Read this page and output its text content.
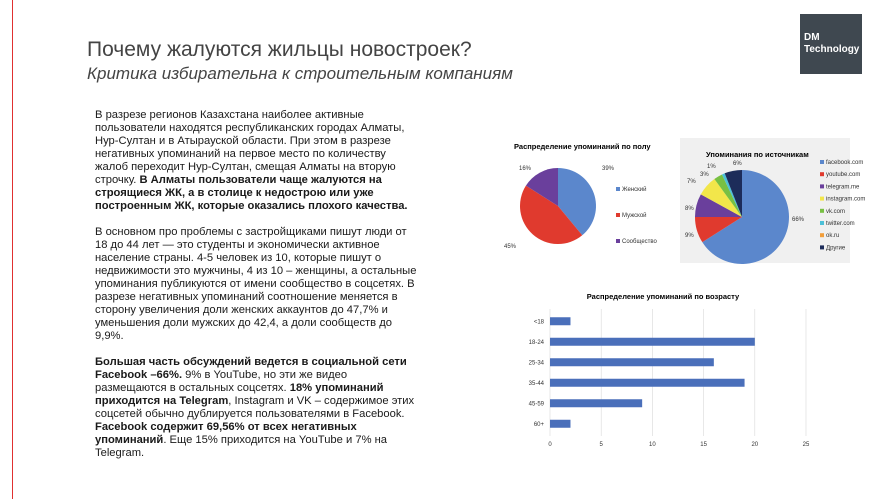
DM
Technology
Почему жалуются жильцы новостроек?
Критика избирательна к строительным компаниям

В разрезе регионов Казахстана наиболее активные пользователи находятся республиканских городах Алматы, Нур-Султан и в Атырауской области. При этом в разрезе негативных упоминаний на первое место по количеству жалоб переходит Нур-Султан, смещая Алматы на вторую строчку. В Алматы пользователи чаще жалуются на строящиеся ЖК, а в столице к недострою или уже построенным ЖК, которые оказались плохого качества.

В основном про проблемы с застройщиками пишут люди от 18 до 44 лет — это студенты и экономически активное население страны. 4-5 человек из 10, которые пишут о недвижимости это мужчины, 4 из 10 – женщины, а остальные упоминания публикуются от имени сообщество в соцсетях. В разрезе негативных упоминаний соотношение меняется в сторону увеличения доли женских аккаунтов до 47,7% и уменьшения доли мужских до 42,4, а доли сообществ до 9,9%.

Большая часть обсуждений ведется в социальной сети Facebook –66%. 9% в YouTube, но эти же видео размещаются в остальных соцсетях. 18% упоминаний приходится на Telegram, Instagram и VK – содержимое этих соцсетей обычно дублируется пользователями в Facebook.

Facebook содержит 69,56% от всех негативных упоминаний. Еще 15% приходится на YouTube и 7% на Telegram.

Распределение упоминаний по полу
39%
Женский
45%
Мужской
16%
Сообщество
Упоминания по источникам
66%
facebook.com
9%
youtube.com
8%
telegram.me
7%
instagram.com
3%
vk.com
1%
twitter.com
ok.ru
6%
Другие
Распределение упоминаний по возрасту
0	5	10	15	20	25
<18
18-24
25-34
35-44
45-59
60+
